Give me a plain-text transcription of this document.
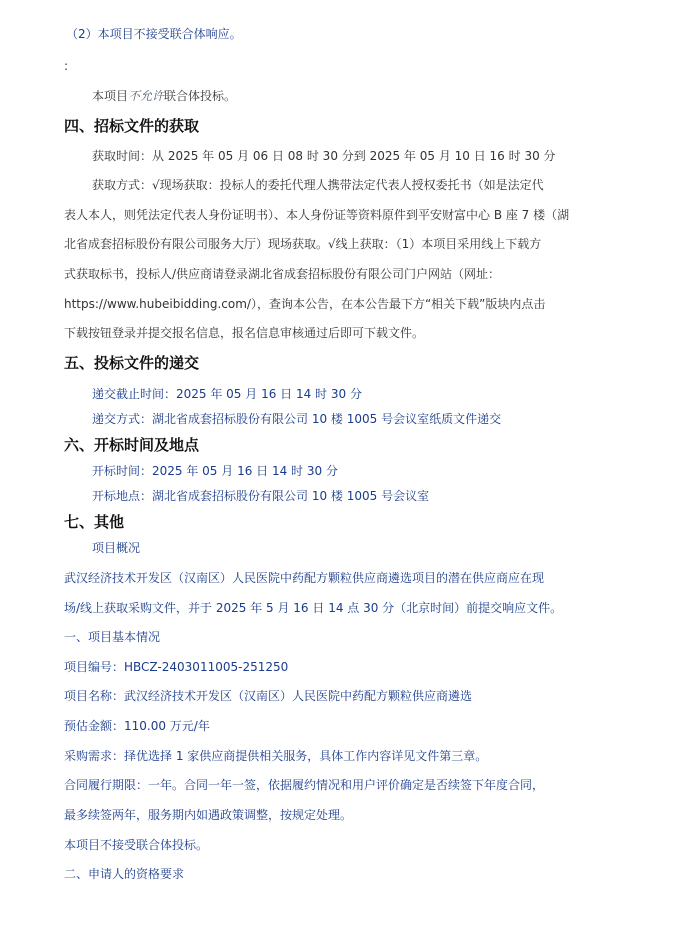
（2）本项目不接受联合体响应。
:
本项目不允许联合体投标。
四、招标文件的获取
获取时间：从 2025 年 05 月 06 日 08 时 30 分到 2025 年 05 月 10 日 16 时 30 分
获取方式：√现场获取：投标人的委托代理人携带法定代表人授权委托书（如是法定代
表人本人，则凭法定代表人身份证明书）、本人身份证等资料原件到平安财富中心 B 座 7 楼（湖
北省成套招标股份有限公司服务大厅）现场获取。√线上获取：（1）本项目采用线上下载方
式获取标书，投标人/供应商请登录湖北省成套招标股份有限公司门户网站（网址：
https://www.hubeibidding.com/），查询本公告，在本公告最下方“相关下载”版块内点击
下载按钮登录并提交报名信息，报名信息审核通过后即可下载文件。
五、投标文件的递交
递交截止时间：2025 年 05 月 16 日 14 时 30 分
递交方式：湖北省成套招标股份有限公司 10 楼 1005 号会议室纸质文件递交
六、开标时间及地点
开标时间：2025 年 05 月 16 日 14 时 30 分
开标地点：湖北省成套招标股份有限公司 10 楼 1005 号会议室
七、其他
项目概况
武汉经济技术开发区（汉南区）人民医院中药配方颗粒供应商遴选项目的潜在供应商应在现
场/线上获取采购文件，并于 2025 年 5 月 16 日 14 点 30 分（北京时间）前提交响应文件。
一、项目基本情况
项目编号：HBCZ-2403011005-251250
项目名称：武汉经济技术开发区（汉南区）人民医院中药配方颗粒供应商遴选
预估金额：110.00 万元/年
采购需求：择优选择 1 家供应商提供相关服务，具体工作内容详见文件第三章。
合同履行期限：一年。合同一年一签，依据履约情况和用户评价确定是否续签下年度合同，
最多续签两年，服务期内如遇政策调整，按规定处理。
本项目不接受联合体投标。
二、申请人的资格要求
